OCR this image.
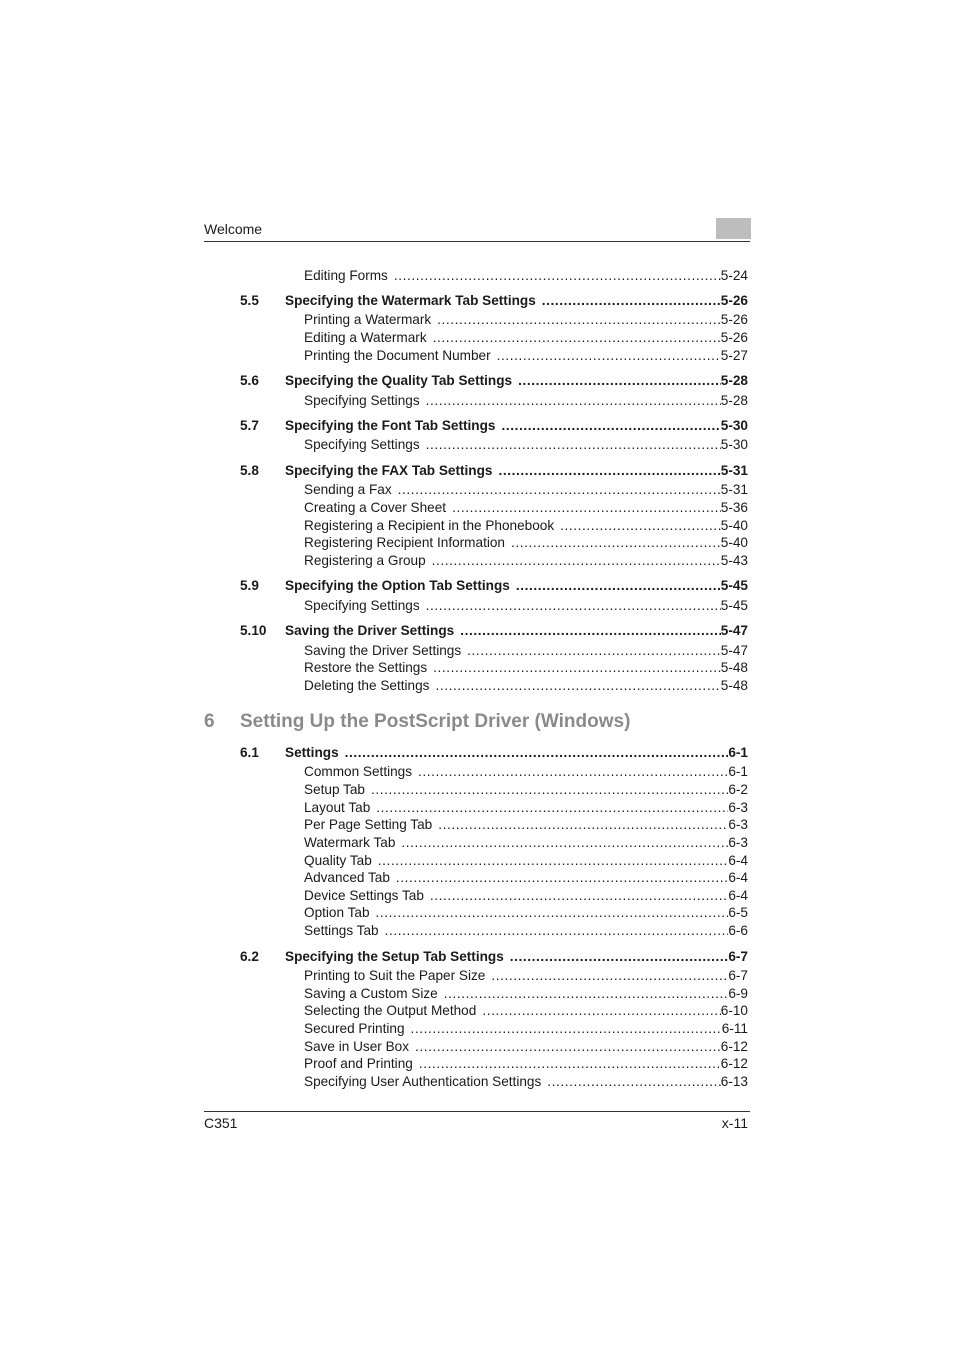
Welcome
Editing Forms .....	5-24
5.5 Specifying the Watermark Tab Settings .....	5-26
Printing a Watermark .....	5-26
Editing a Watermark .....	5-26
Printing the Document Number .....	5-27
5.6 Specifying the Quality Tab Settings .....	5-28
Specifying Settings .....	5-28
5.7 Specifying the Font Tab Settings .....	5-30
Specifying Settings .....	5-30
5.8 Specifying the FAX Tab Settings .....	5-31
Sending a Fax .....	5-31
Creating a Cover Sheet .....	5-36
Registering a Recipient in the Phonebook .....	5-40
Registering Recipient Information .....	5-40
Registering a Group .....	5-43
5.9 Specifying the Option Tab Settings .....	5-45
Specifying Settings .....	5-45
5.10 Saving the Driver Settings .....	5-47
Saving the Driver Settings .....	5-47
Restore the Settings .....	5-48
Deleting the Settings .....	5-48
6.1 Settings .....	6-1
Common Settings .....	6-1
Setup Tab .....	6-2
Layout Tab .....	6-3
Per Page Setting Tab .....	6-3
Watermark Tab .....	6-3
Quality Tab .....	6-4
Advanced Tab .....	6-4
Device Settings Tab .....	6-4
Option Tab .....	6-5
Settings Tab .....	6-6
6.2 Specifying the Setup Tab Settings .....	6-7
Printing to Suit the Paper Size .....	6-7
Saving a Custom Size .....	6-9
Selecting the Output Method .....	6-10
Secured Printing .....	6-11
Save in User Box .....	6-12
Proof and Printing .....	6-12
Specifying User Authentication Settings .....	6-13
6 Setting Up the PostScript Driver (Windows)
C351	x-11
